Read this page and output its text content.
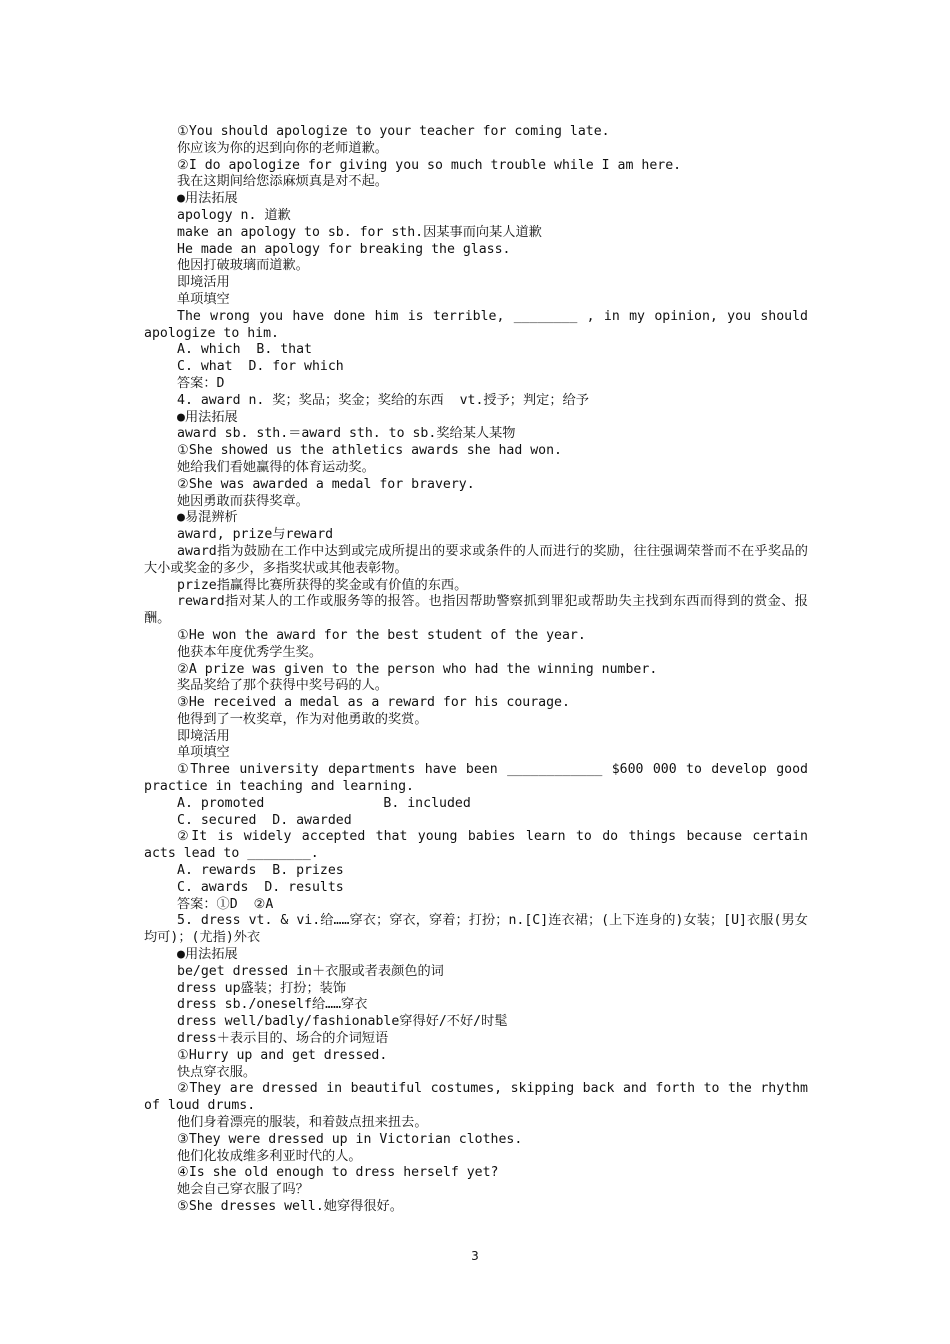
①You should apologize to your teacher for coming late.

你应该为你的迟到向你的老师道歉。

②I do apologize for giving you so much trouble while I am here.

我在这期间给您添麻烦真是对不起。

●用法拓展

apology n. 道歉

make an apology to sb. for sth.因某事而向某人道歉

He made an apology for breaking the glass.

他因打破玻璃而道歉。

即境活用

单项填空

The wrong you have done him is terrible, ________ , in my opinion, you should apologize to him.

A. which  B. that

C. what  D. for which

答案：D

4. award n. 奖；奖品；奖金；奖给的东西  vt.授予；判定；给予

●用法拓展

award sb. sth.＝award sth. to sb.奖给某人某物

①She showed us the athletics awards she had won.

她给我们看她赢得的体育运动奖。

②She was awarded a medal for bravery.

她因勇敢而获得奖章。

●易混辨析

award, prize与reward

award指为鼓励在工作中达到或完成所提出的要求或条件的人而进行的奖励，往往强调荣誉而不在乎奖品的大小或奖金的多少，多指奖状或其他表彰物。

prize指赢得比赛所获得的奖金或有价值的东西。

reward指对某人的工作或服务等的报答。也指因帮助警察抓到罪犯或帮助失主找到东西而得到的赏金、报酬。

①He won the award for the best student of the year.

他获本年度优秀学生奖。

②A prize was given to the person who had the winning number.

奖品奖给了那个获得中奖号码的人。

③He received a medal as a reward for his courage.

他得到了一枚奖章，作为对他勇敢的奖赏。

即境活用

单项填空

①Three university departments have been ____________ $600 000 to develop good practice in teaching and learning.

A. promoted               B. included

C. secured  D. awarded

②It is widely accepted that young babies learn to do things because certain acts lead to ________.

A. rewards  B. prizes

C. awards  D. results

答案：①D  ②A

5. dress vt. & vi.给……穿衣；穿衣，穿着；打扮；n.[C]连衣裙；(上下连身的)女装；[U]衣服(男女均可)；(尤指)外衣

●用法拓展

be/get dressed in＋衣服或者表颜色的词

dress up盛装；打扮；装饰

dress sb./oneself给……穿衣

dress well/badly/fashionable穿得好/不好/时髦

dress＋表示目的、场合的介词短语

①Hurry up and get dressed.

快点穿衣服。

②They are dressed in beautiful costumes, skipping back and forth to the rhythm of loud drums.

他们身着漂亮的服装，和着鼓点扭来扭去。

③They were dressed up in Victorian clothes.

他们化妆成维多利亚时代的人。

④Is she old enough to dress herself yet?

她会自己穿衣服了吗？

⑤She dresses well.她穿得很好。

3
